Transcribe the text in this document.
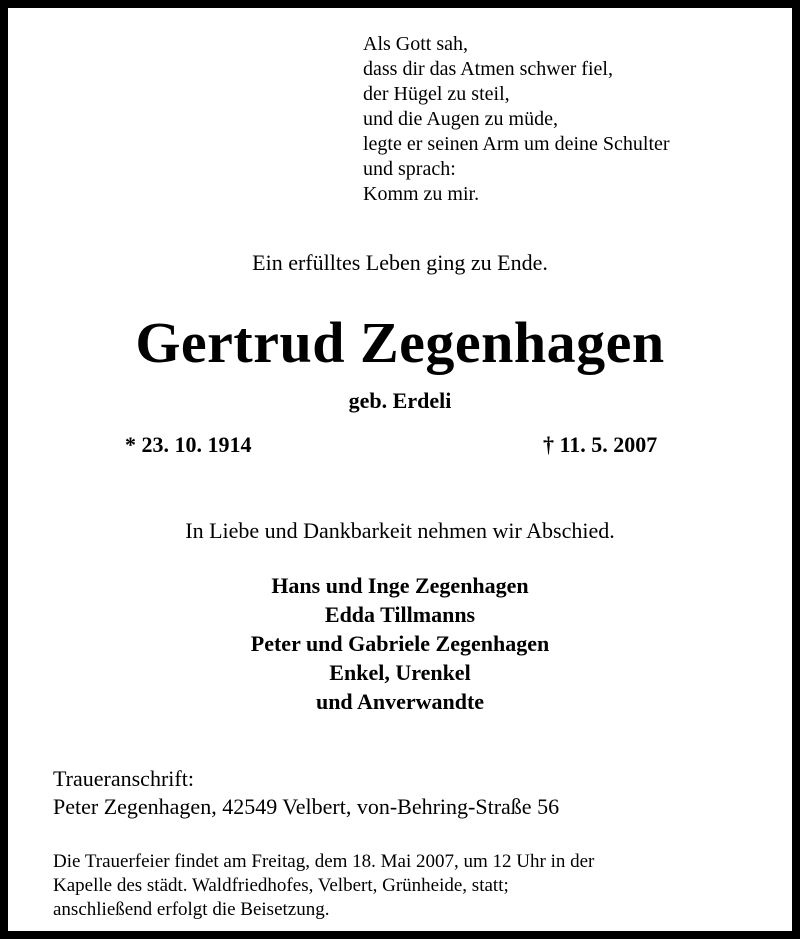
Als Gott sah,
dass dir das Atmen schwer fiel,
der Hügel zu steil,
und die Augen zu müde,
legte er seinen Arm um deine Schulter
und sprach:
Komm zu mir.
Ein erfülltes Leben ging zu Ende.
Gertrud Zegenhagen
geb. Erdeli
* 23. 10. 1914	† 11. 5. 2007
In Liebe und Dankbarkeit nehmen wir Abschied.
Hans und Inge Zegenhagen
Edda Tillmanns
Peter und Gabriele Zegenhagen
Enkel, Urenkel
und Anverwandte
Traueranschrift:
Peter Zegenhagen, 42549 Velbert, von-Behring-Straße 56
Die Trauerfeier findet am Freitag, dem 18. Mai 2007, um 12 Uhr in der
Kapelle des städt. Waldfriedhofes, Velbert, Grünheide, statt;
anschließend erfolgt die Beisetzung.
